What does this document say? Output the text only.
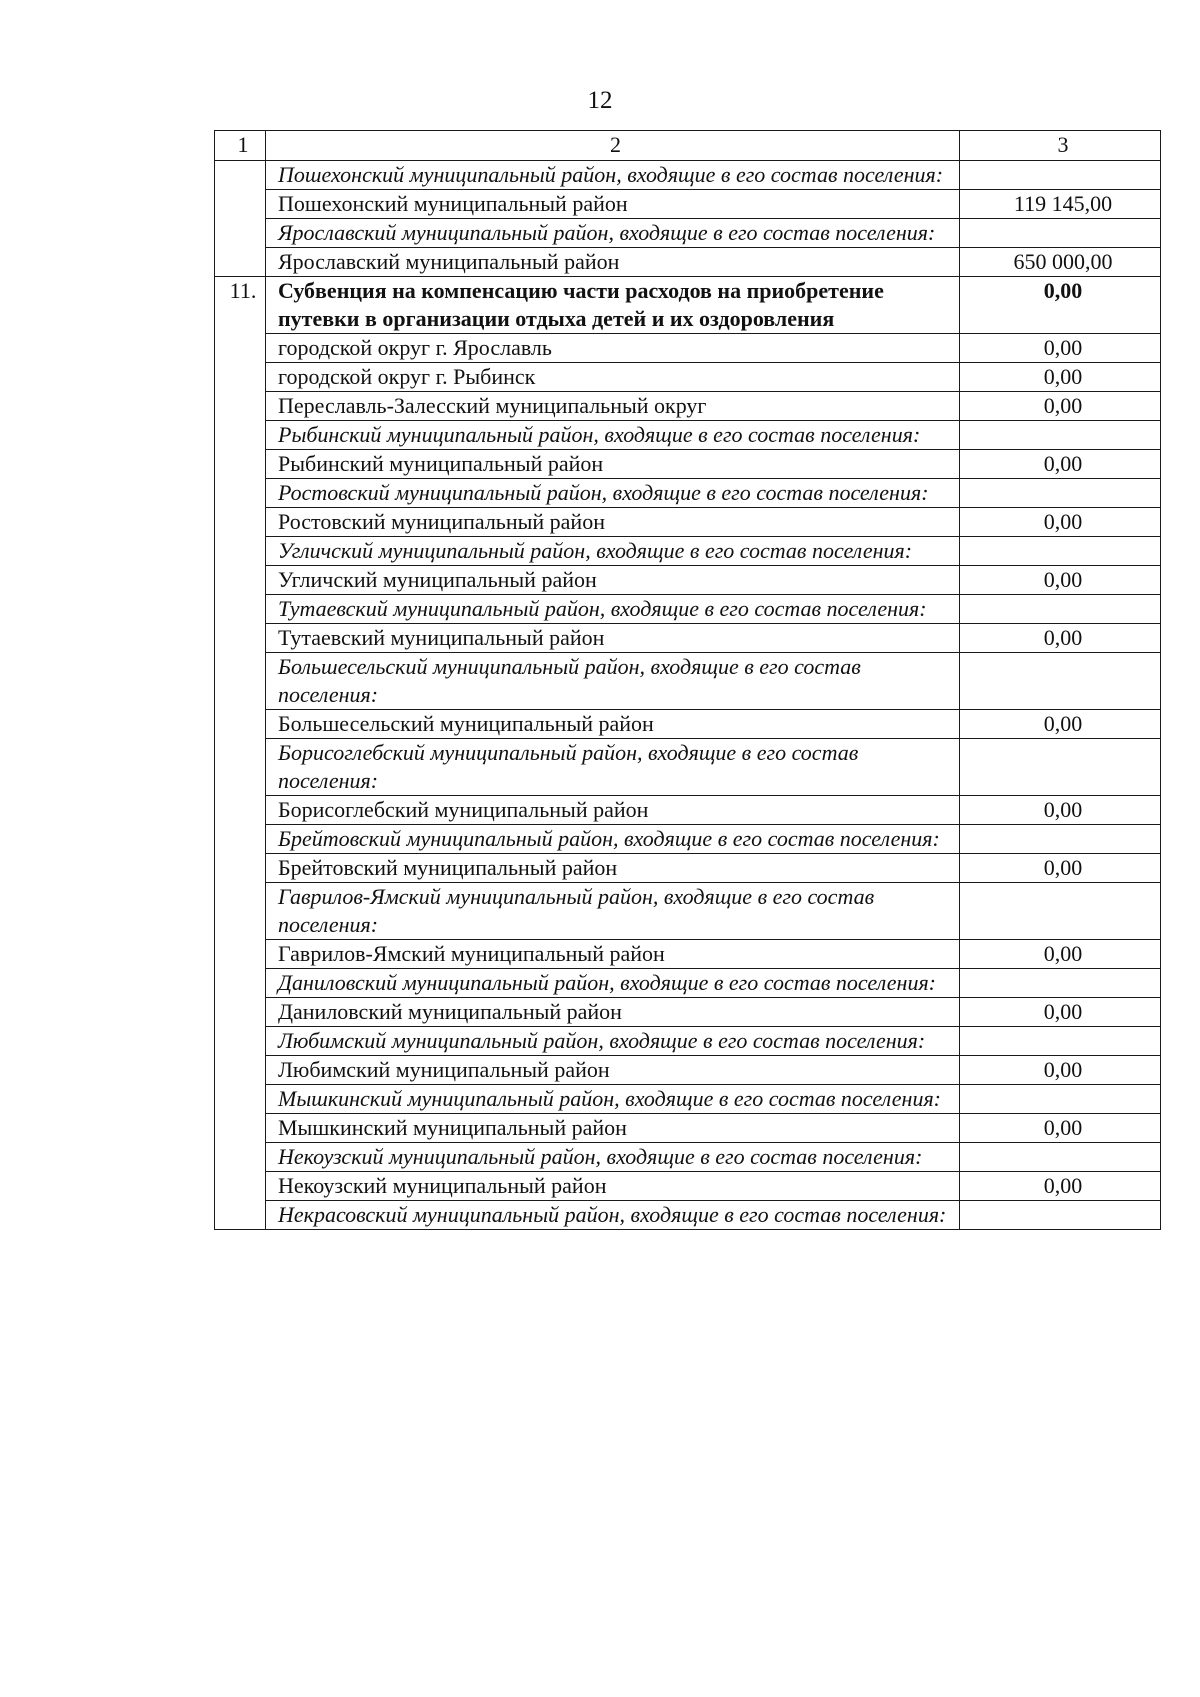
12
1	2	3
	Пошехонский муниципальный район, входящие в его состав поселения:	
	Пошехонский муниципальный район	119 145,00
	Ярославский муниципальный район, входящие в его состав поселения:	
	Ярославский муниципальный район	650 000,00
11.	Субвенция на компенсацию части расходов на приобретение путевки в организации отдыха детей и их оздоровления	0,00
	городской округ г. Ярославль	0,00
	городской округ г. Рыбинск	0,00
	Переславль-Залесский муниципальный округ	0,00
	Рыбинский муниципальный район, входящие в его состав поселения:	
	Рыбинский муниципальный район	0,00
	Ростовский муниципальный район, входящие в его состав поселения:	
	Ростовский муниципальный район	0,00
	Угличский муниципальный район, входящие в его состав поселения:	
	Угличский муниципальный район	0,00
	Тутаевский муниципальный район, входящие в его состав поселения:	
	Тутаевский муниципальный район	0,00
	Большесельский муниципальный район, входящие в его состав поселения:	
	Большесельский муниципальный район	0,00
	Борисоглебский муниципальный район, входящие в его состав поселения:	
	Борисоглебский муниципальный район	0,00
	Брейтовский муниципальный район, входящие в его состав поселения:	
	Брейтовский муниципальный район	0,00
	Гаврилов-Ямский муниципальный район, входящие в его состав поселения:	
	Гаврилов-Ямский муниципальный район	0,00
	Даниловский муниципальный район, входящие в его состав поселения:	
	Даниловский муниципальный район	0,00
	Любимский муниципальный район, входящие в его состав поселения:	
	Любимский муниципальный район	0,00
	Мышкинский муниципальный район, входящие в его состав поселения:	
	Мышкинский муниципальный район	0,00
	Некоузский муниципальный район, входящие в его состав поселения:	
	Некоузский муниципальный район	0,00
	Некрасовский муниципальный район, входящие в его состав поселения:	
